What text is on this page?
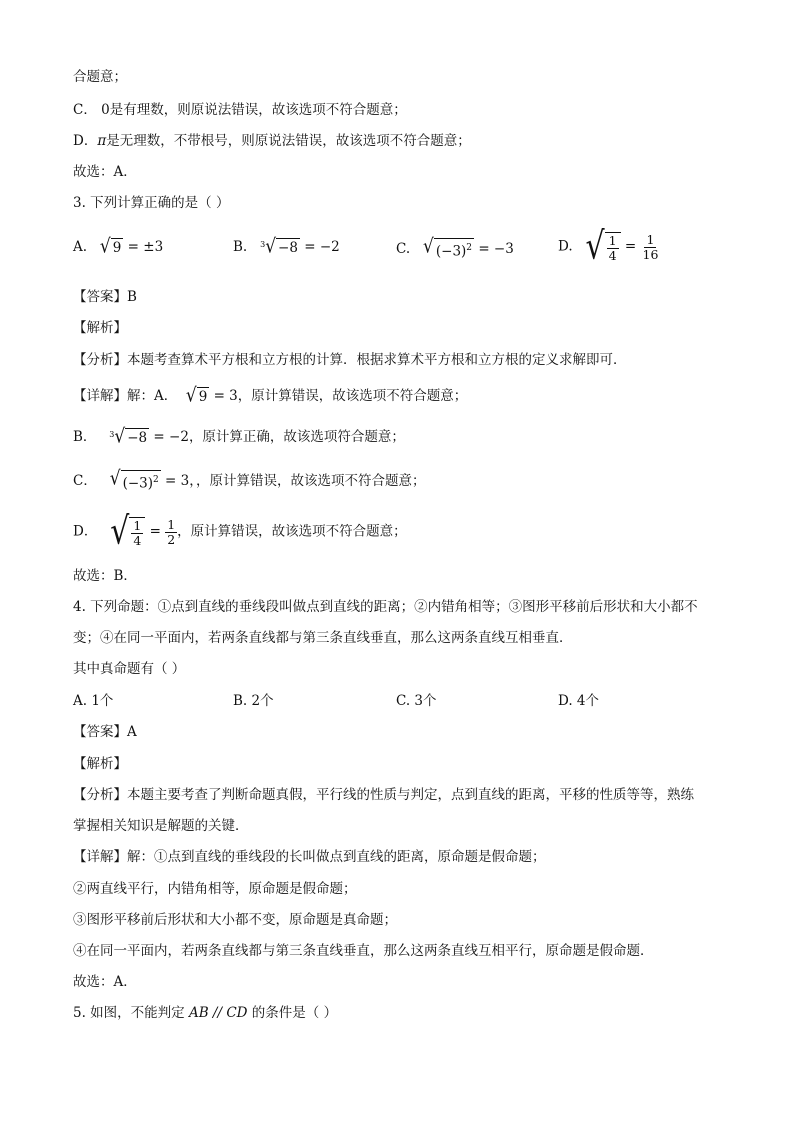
合题意；
C． 0是有理数，则原说法错误，故该选项不符合题意；
D．π是无理数，不带根号，则原说法错误，故该选项不符合题意；
故选：A．
3. 下列计算正确的是（ ）
A. √ 9 = ±3	B. 3 √ −8 = −2	C. √ $(-3)^2 = -3$	D. √ $\frac{1}{4} = \frac{1}{16}$
【答案】B
【解析】
【分析】本题考查算术平方根和立方根的计算．根据求算术平方根和立方根的定义求解即可．
【详解】解：A． √ 9 = 3，原计算错误，故该选项不符合题意；
B． 3 √ −8 = −2，原计算正确，故该选项符合题意；
C． √ $(-3)^2 = 3$，，原计算错误，故该选项不符合题意；
D． √ $\frac{1}{4} = \frac{1}{2}$ ，原计算错误，故该选项不符合题意；
故选：B．
4. 下列命题：①点到直线的垂线段叫做点到直线的距离；②内错角相等；③图形平移前后形状和大小都不
变；④在同一平面内，若两条直线都与第三条直线垂直，那么这两条直线互相垂直．
其中真命题有（ ）
A. 1个	B. 2个	C. 3个	D. 4个
【答案】A
【解析】
【分析】本题主要考查了判断命题真假，平行线的性质与判定，点到直线的距离，平移的性质等等，熟练
掌握相关知识是解题的关键．
【详解】解：①点到直线的垂线段的长叫做点到直线的距离，原命题是假命题；
②两直线平行，内错角相等，原命题是假命题；
③图形平移前后形状和大小都不变，原命题是真命题；
④在同一平面内，若两条直线都与第三条直线垂直，那么这两条直线互相平行，原命题是假命题．
故选：A．
5. 如图，不能判定 AB // CD 的条件是（ ）
